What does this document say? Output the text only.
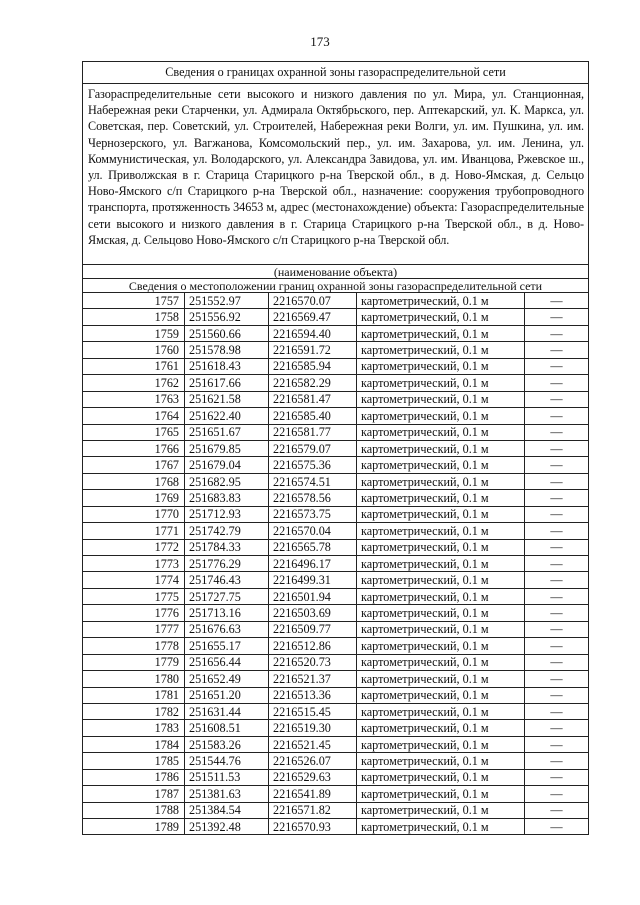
173
Сведения о границах охранной зоны газораспределительной сети				
Газораспределительные сети высокого и низкого давления по ул. Мира, ул. Станционная, Набережная реки Старченки, ул. Адмирала Октябрьского, пер. Аптекарский, ул. К. Маркса, ул. Советская, пер. Советский, ул. Строителей, Набережная реки Волги, ул. им. Пушкина, ул. им. Чернозерского, ул. Вагжанова, Комсомольский пер., ул. им. Захарова, ул. им. Ленина, ул. Коммунистическая, ул. Володарского, ул. Александра Завидова, ул. им. Иванцова, Ржевское ш., ул. Приволжская в г. Старица Старицкого р-на Тверской обл., в д. Ново-Ямская, д. Сельцо Ново-Ямского с/п Старицкого р-на Тверской обл., назначение: сооружения трубопроводного транспорта, протяженность 34653 м, адрес (местонахождение) объекта: Газораспределительные сети высокого и низкого давления в г. Старица Старицкого р-на Тверской обл., в д. Ново-Ямская, д. Сельцово Ново-Ямского с/п Старицкого р-на Тверской обл.				
(наименование объекта)				
Сведения о местоположении границ охранной зоны газораспределительной сети				
1757	251552.97	2216570.07	картометрический, 0.1 м	—
1758	251556.92	2216569.47	картометрический, 0.1 м	—
1759	251560.66	2216594.40	картометрический, 0.1 м	—
1760	251578.98	2216591.72	картометрический, 0.1 м	—
1761	251618.43	2216585.94	картометрический, 0.1 м	—
1762	251617.66	2216582.29	картометрический, 0.1 м	—
1763	251621.58	2216581.47	картометрический, 0.1 м	—
1764	251622.40	2216585.40	картометрический, 0.1 м	—
1765	251651.67	2216581.77	картометрический, 0.1 м	—
1766	251679.85	2216579.07	картометрический, 0.1 м	—
1767	251679.04	2216575.36	картометрический, 0.1 м	—
1768	251682.95	2216574.51	картометрический, 0.1 м	—
1769	251683.83	2216578.56	картометрический, 0.1 м	—
1770	251712.93	2216573.75	картометрический, 0.1 м	—
1771	251742.79	2216570.04	картометрический, 0.1 м	—
1772	251784.33	2216565.78	картометрический, 0.1 м	—
1773	251776.29	2216496.17	картометрический, 0.1 м	—
1774	251746.43	2216499.31	картометрический, 0.1 м	—
1775	251727.75	2216501.94	картометрический, 0.1 м	—
1776	251713.16	2216503.69	картометрический, 0.1 м	—
1777	251676.63	2216509.77	картометрический, 0.1 м	—
1778	251655.17	2216512.86	картометрический, 0.1 м	—
1779	251656.44	2216520.73	картометрический, 0.1 м	—
1780	251652.49	2216521.37	картометрический, 0.1 м	—
1781	251651.20	2216513.36	картометрический, 0.1 м	—
1782	251631.44	2216515.45	картометрический, 0.1 м	—
1783	251608.51	2216519.30	картометрический, 0.1 м	—
1784	251583.26	2216521.45	картометрический, 0.1 м	—
1785	251544.76	2216526.07	картометрический, 0.1 м	—
1786	251511.53	2216529.63	картометрический, 0.1 м	—
1787	251381.63	2216541.89	картометрический, 0.1 м	—
1788	251384.54	2216571.82	картометрический, 0.1 м	—
1789	251392.48	2216570.93	картометрический, 0.1 м	—
